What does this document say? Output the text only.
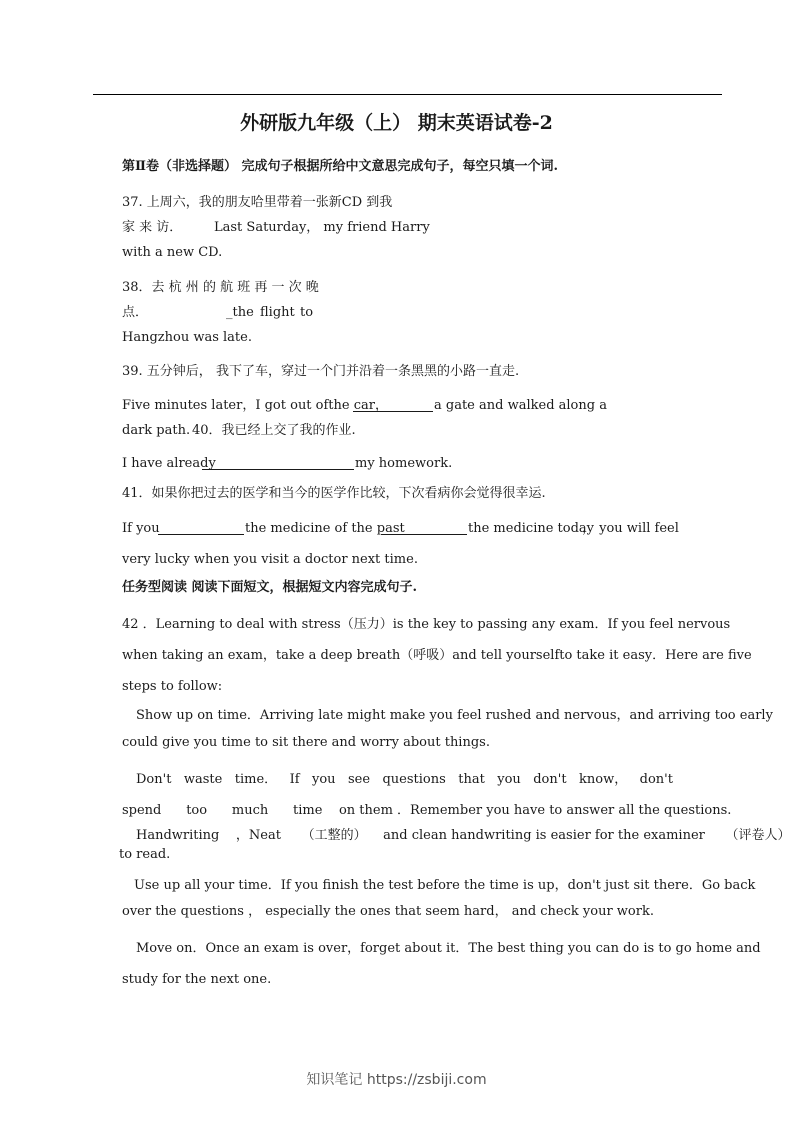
外研版九年级（上） 期末英语试卷-2
第Ⅱ卷（非选择题） 完成句子根据所给中文意思完成句子，每空只填一个词.
37. 上周六，我的朋友哈里带着一张新CD 到我
家 来 访． Last Saturday， my friend Harry
with a new CD.
38．去 杭 州 的 航 班 再 一 次 晚
点．	_the flight to
Hangzhou was late.
39. 五分钟后， 我下了车，穿过一个门并沿着一条黑黑的小路一直走.
Five minutes later，I got out ofthe car，	a gate and walked along a
dark path. 40．我已经上交了我的作业.
I have already	my homework.
41．如果你把过去的医学和当今的医学作比较，下次看病你会觉得很幸运.
If you	the medicine of the past	the medicine today
， you will feel
very lucky when you visit a doctor next time.
任务型阅读 阅读下面短文，根据短文内容完成句子.
42 ．Learning to deal with stress （压力） is the key to passing any exam．If you feel nervous
when taking an exam，take a deep breath （呼吸） and tell yourselfto take it easy．Here are five
steps to follow:
Show up on time．Arriving late might make you feel rushed and nervous，and arriving too early
could give you time to sit there and worry about things.
Don't waste time． If you see questions that you don't know， don't
spend too much time on them ．Remember you have to answer all the questions.
Handwriting ，Neat （工整的） and clean handwriting is easier for the examiner （评卷人）
to read.
Use up all your time．If you finish the test before the time is up，don't just sit there．Go back
over the questions ， especially the ones that seem hard， and check your work.
Move on．Once an exam is over，forget about it．The best thing you can do is to go home and
study for the next one.
知识笔记 https://zsbiji.com
